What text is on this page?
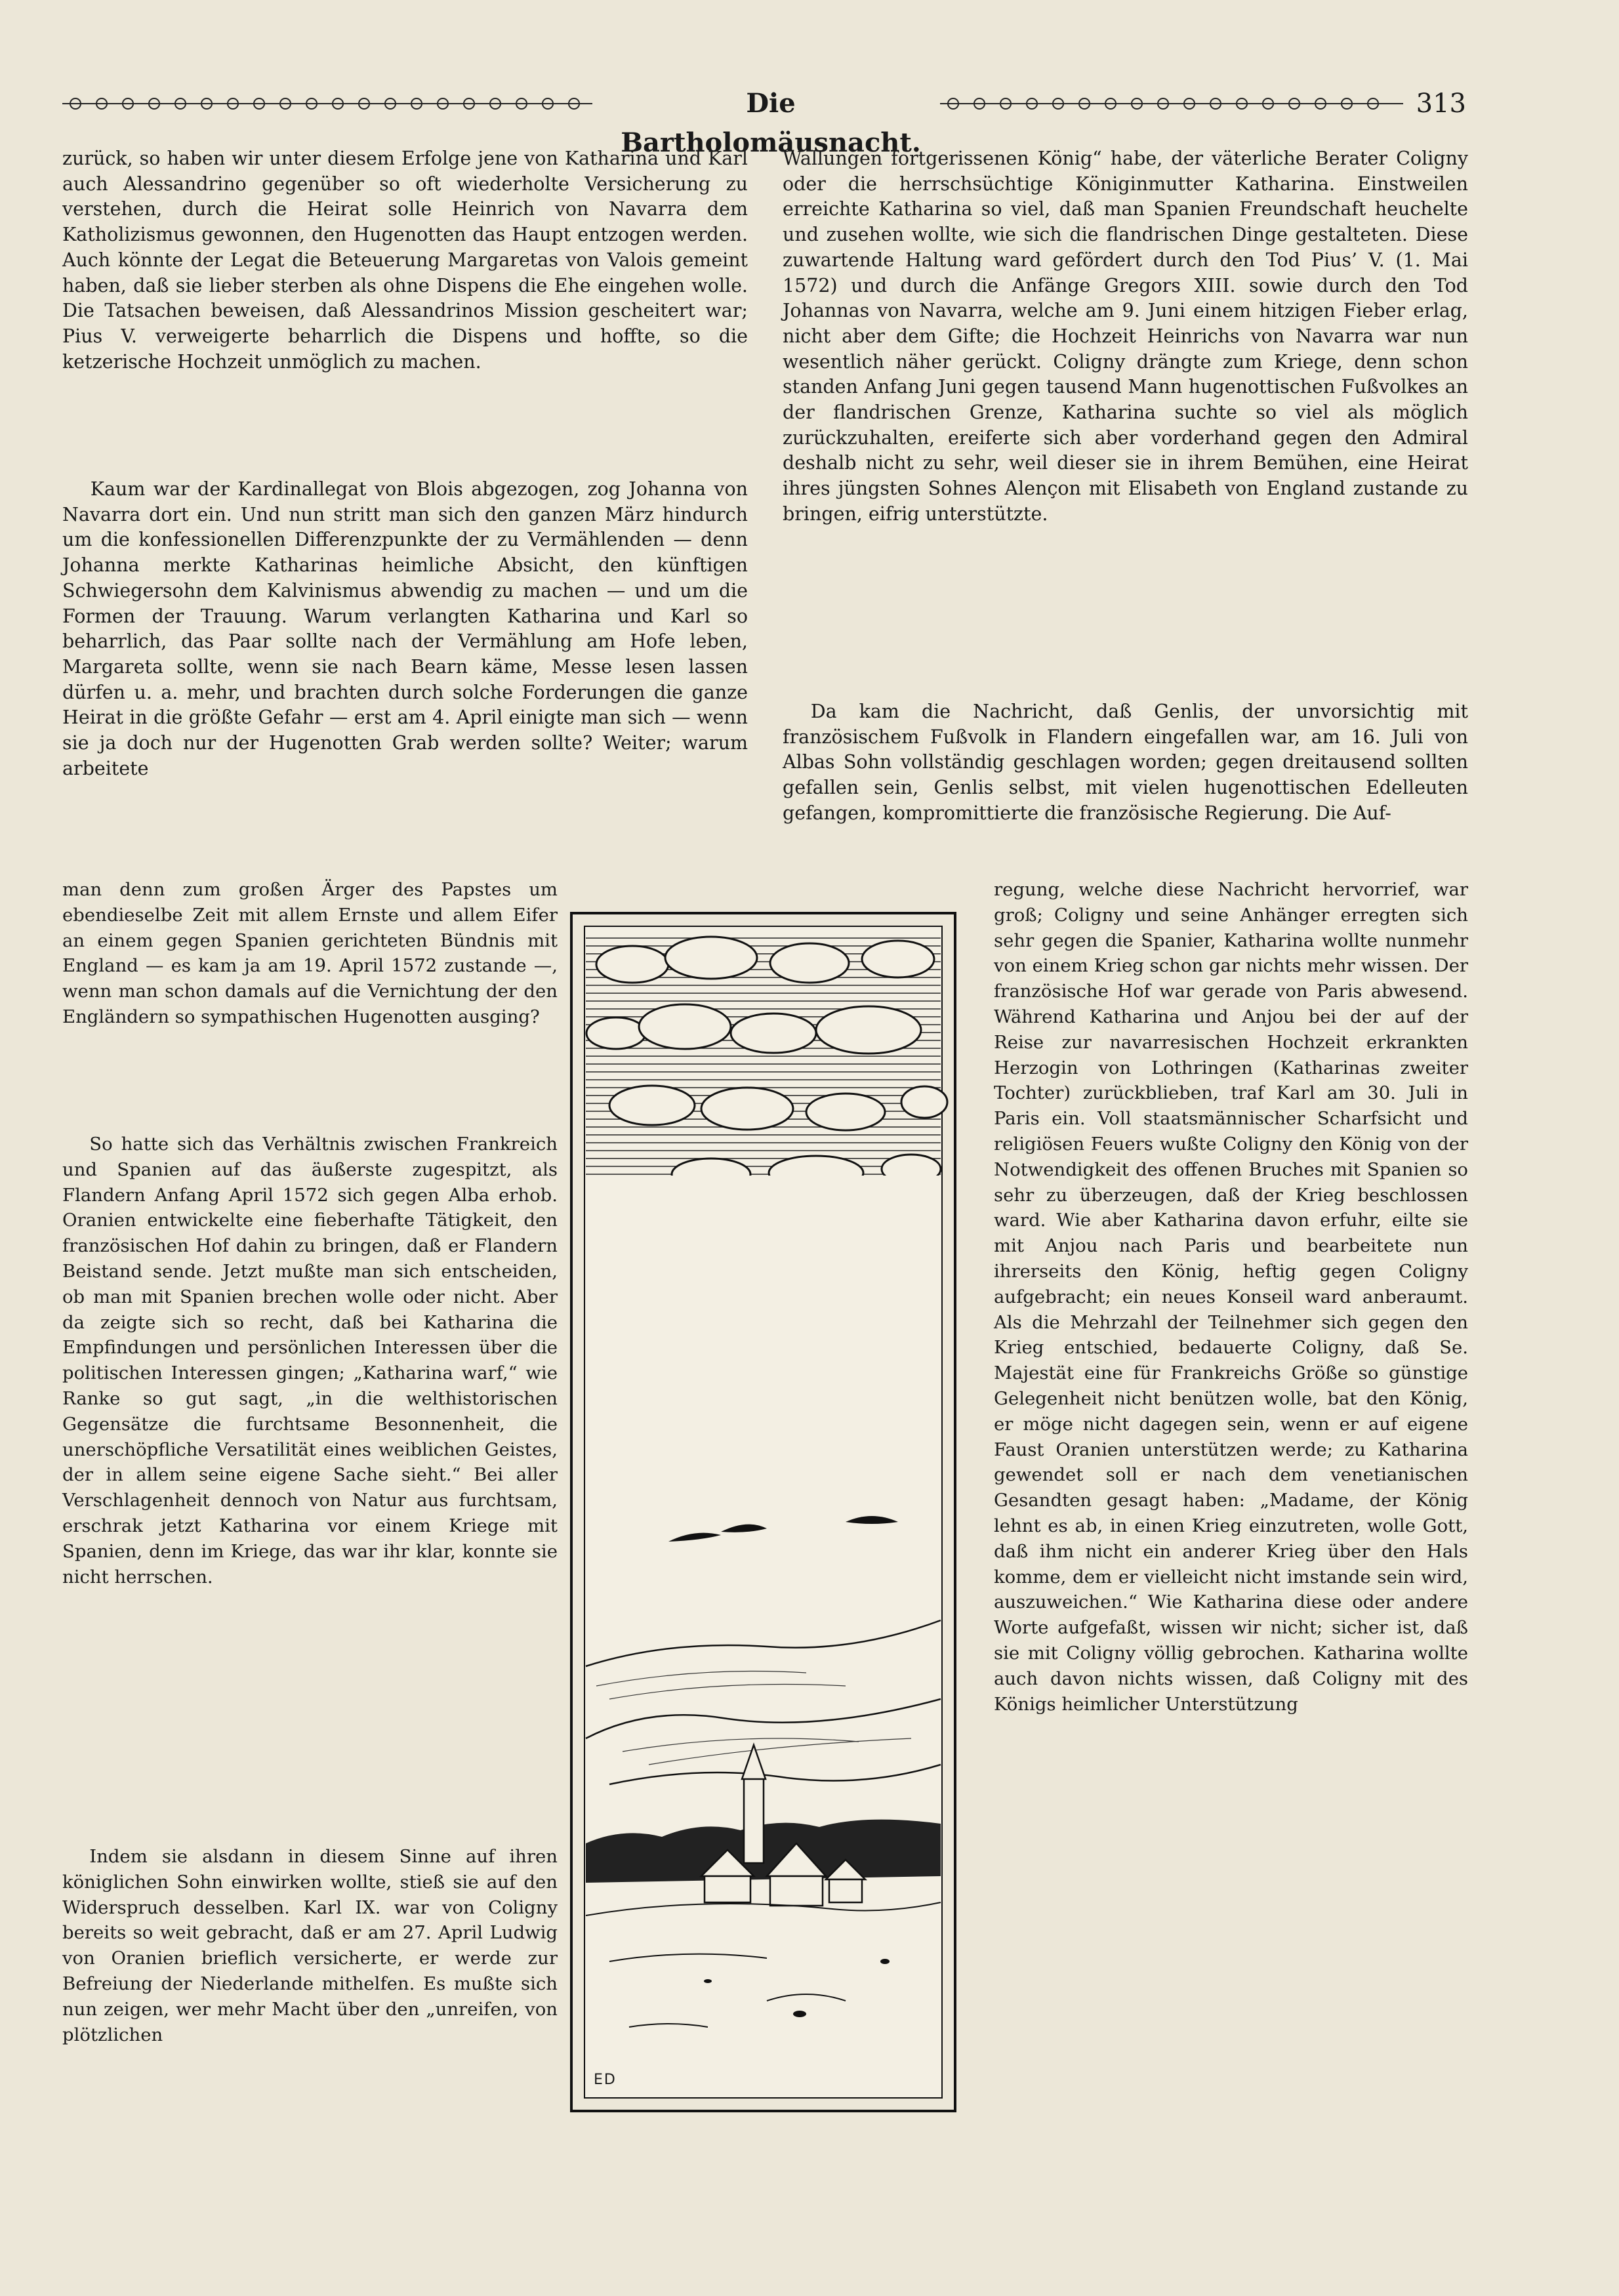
Die Bartholomäusnacht.
313

zurück, so haben wir unter diesem Erfolge jene von Katharina und Karl auch Alessandrino gegenüber so oft wiederholte Versicherung zu verstehen, durch die Heirat solle Heinrich von Navarra dem Katholizismus gewonnen, den Hugenotten das Haupt entzogen werden. Auch könnte der Legat die Beteuerung Margaretas von Valois gemeint haben, daß sie lieber sterben als ohne Dispens die Ehe eingehen wolle. Die Tatsachen beweisen, daß Alessandrinos Mission gescheitert war; Pius V. verweigerte beharrlich die Dispens und hoffte, so die ketzerische Hochzeit unmöglich zu machen.

Kaum war der Kardinallegat von Blois abgezogen, zog Johanna von Navarra dort ein. Und nun stritt man sich den ganzen März hindurch um die konfessionellen Differenzpunkte der zu Vermählenden — denn Johanna merkte Katharinas heimliche Absicht, den künftigen Schwiegersohn dem Kalvinismus abwendig zu machen — und um die Formen der Trauung. Warum verlangten Katharina und Karl so beharrlich, das Paar sollte nach der Vermählung am Hofe leben, Margareta sollte, wenn sie nach Bearn käme, Messe lesen lassen dürfen u. a. mehr, und brachten durch solche Forderungen die ganze Heirat in die größte Gefahr — erst am 4. April einigte man sich — wenn sie ja doch nur der Hugenotten Grab werden sollte? Weiter; warum arbeitete

man denn zum großen Ärger des Papstes um ebendieselbe Zeit mit allem Ernste und allem Eifer an einem gegen Spanien gerichteten Bündnis mit England — es kam ja am 19. April 1572 zustande —, wenn man schon damals auf die Vernichtung der den Engländern so sympathischen Hugenotten ausging?

So hatte sich das Verhältnis zwischen Frankreich und Spanien auf das äußerste zugespitzt, als Flandern Anfang April 1572 sich gegen Alba erhob. Oranien entwickelte eine fieberhafte Tätigkeit, den französischen Hof dahin zu bringen, daß er Flandern Beistand sende. Jetzt mußte man sich entscheiden, ob man mit Spanien brechen wolle oder nicht. Aber da zeigte sich so recht, daß bei Katharina die Empfindungen und persönlichen Interessen über die politischen Interessen gingen; „Katharina warf,“ wie Ranke so gut sagt, „in die welthistorischen Gegensätze die furchtsame Besonnenheit, die unerschöpfliche Versatilität eines weiblichen Geistes, der in allem seine eigene Sache sieht.“ Bei aller Verschlagenheit dennoch von Natur aus furchtsam, erschrak jetzt Katharina vor einem Kriege mit Spanien, denn im Kriege, das war ihr klar, konnte sie nicht herrschen.

Indem sie alsdann in diesem Sinne auf ihren königlichen Sohn einwirken wollte, stieß sie auf den Widerspruch desselben. Karl IX. war von Coligny bereits so weit gebracht, daß er am 27. April Ludwig von Oranien brieflich versicherte, er werde zur Befreiung der Niederlande mithelfen. Es mußte sich nun zeigen, wer mehr Macht über den „unreifen, von plötzlichen

Wallungen fortgerissenen König“ habe, der väterliche Berater Coligny oder die herrschsüchtige Königinmutter Katharina. Einstweilen erreichte Katharina so viel, daß man Spanien Freundschaft heuchelte und zusehen wollte, wie sich die flandrischen Dinge gestalteten. Diese zuwartende Haltung ward gefördert durch den Tod Pius’ V. (1. Mai 1572) und durch die Anfänge Gregors XIII. sowie durch den Tod Johannas von Navarra, welche am 9. Juni einem hitzigen Fieber erlag, nicht aber dem Gifte; die Hochzeit Heinrichs von Navarra war nun wesentlich näher gerückt. Coligny drängte zum Kriege, denn schon standen Anfang Juni gegen tausend Mann hugenottischen Fußvolkes an der flandrischen Grenze, Katharina suchte so viel als möglich zurückzuhalten, ereiferte sich aber vorderhand gegen den Admiral deshalb nicht zu sehr, weil dieser sie in ihrem Bemühen, eine Heirat ihres jüngsten Sohnes Alençon mit Elisabeth von England zustande zu bringen, eifrig unterstützte.

Da kam die Nachricht, daß Genlis, der unvorsichtig mit französischem Fußvolk in Flandern eingefallen war, am 16. Juli von Albas Sohn vollständig geschlagen worden; gegen dreitausend sollten gefallen sein, Genlis selbst, mit vielen hugenottischen Edelleuten gefangen, kompromittierte die französische Regierung. Die Auf-

regung, welche diese Nachricht hervorrief, war groß; Coligny und seine Anhänger erregten sich sehr gegen die Spanier, Katharina wollte nunmehr von einem Krieg schon gar nichts mehr wissen. Der französische Hof war gerade von Paris abwesend. Während Katharina und Anjou bei der auf der Reise zur navarresischen Hochzeit erkrankten Herzogin von Lothringen (Katharinas zweiter Tochter) zurückblieben, traf Karl am 30. Juli in Paris ein. Voll staatsmännischer Scharfsicht und religiösen Feuers wußte Coligny den König von der Notwendigkeit des offenen Bruches mit Spanien so sehr zu überzeugen, daß der Krieg beschlossen ward. Wie aber Katharina davon erfuhr, eilte sie mit Anjou nach Paris und bearbeitete nun ihrerseits den König, heftig gegen Coligny aufgebracht; ein neues Konseil ward anberaumt. Als die Mehrzahl der Teilnehmer sich gegen den Krieg entschied, bedauerte Coligny, daß Se. Majestät eine für Frankreichs Größe so günstige Gelegenheit nicht benützen wolle, bat den König, er möge nicht dagegen sein, wenn er auf eigene Faust Oranien unterstützen werde; zu Katharina gewendet soll er nach dem venetianischen Gesandten gesagt haben: „Madame, der König lehnt es ab, in einen Krieg einzutreten, wolle Gott, daß ihm nicht ein anderer Krieg über den Hals komme, dem er vielleicht nicht imstande sein wird, auszuweichen.“ Wie Katharina diese oder andere Worte aufgefaßt, wissen wir nicht; sicher ist, daß sie mit Coligny völlig gebrochen. Katharina wollte auch davon nichts wissen, daß Coligny mit des Königs heimlicher Unterstützung

ED
